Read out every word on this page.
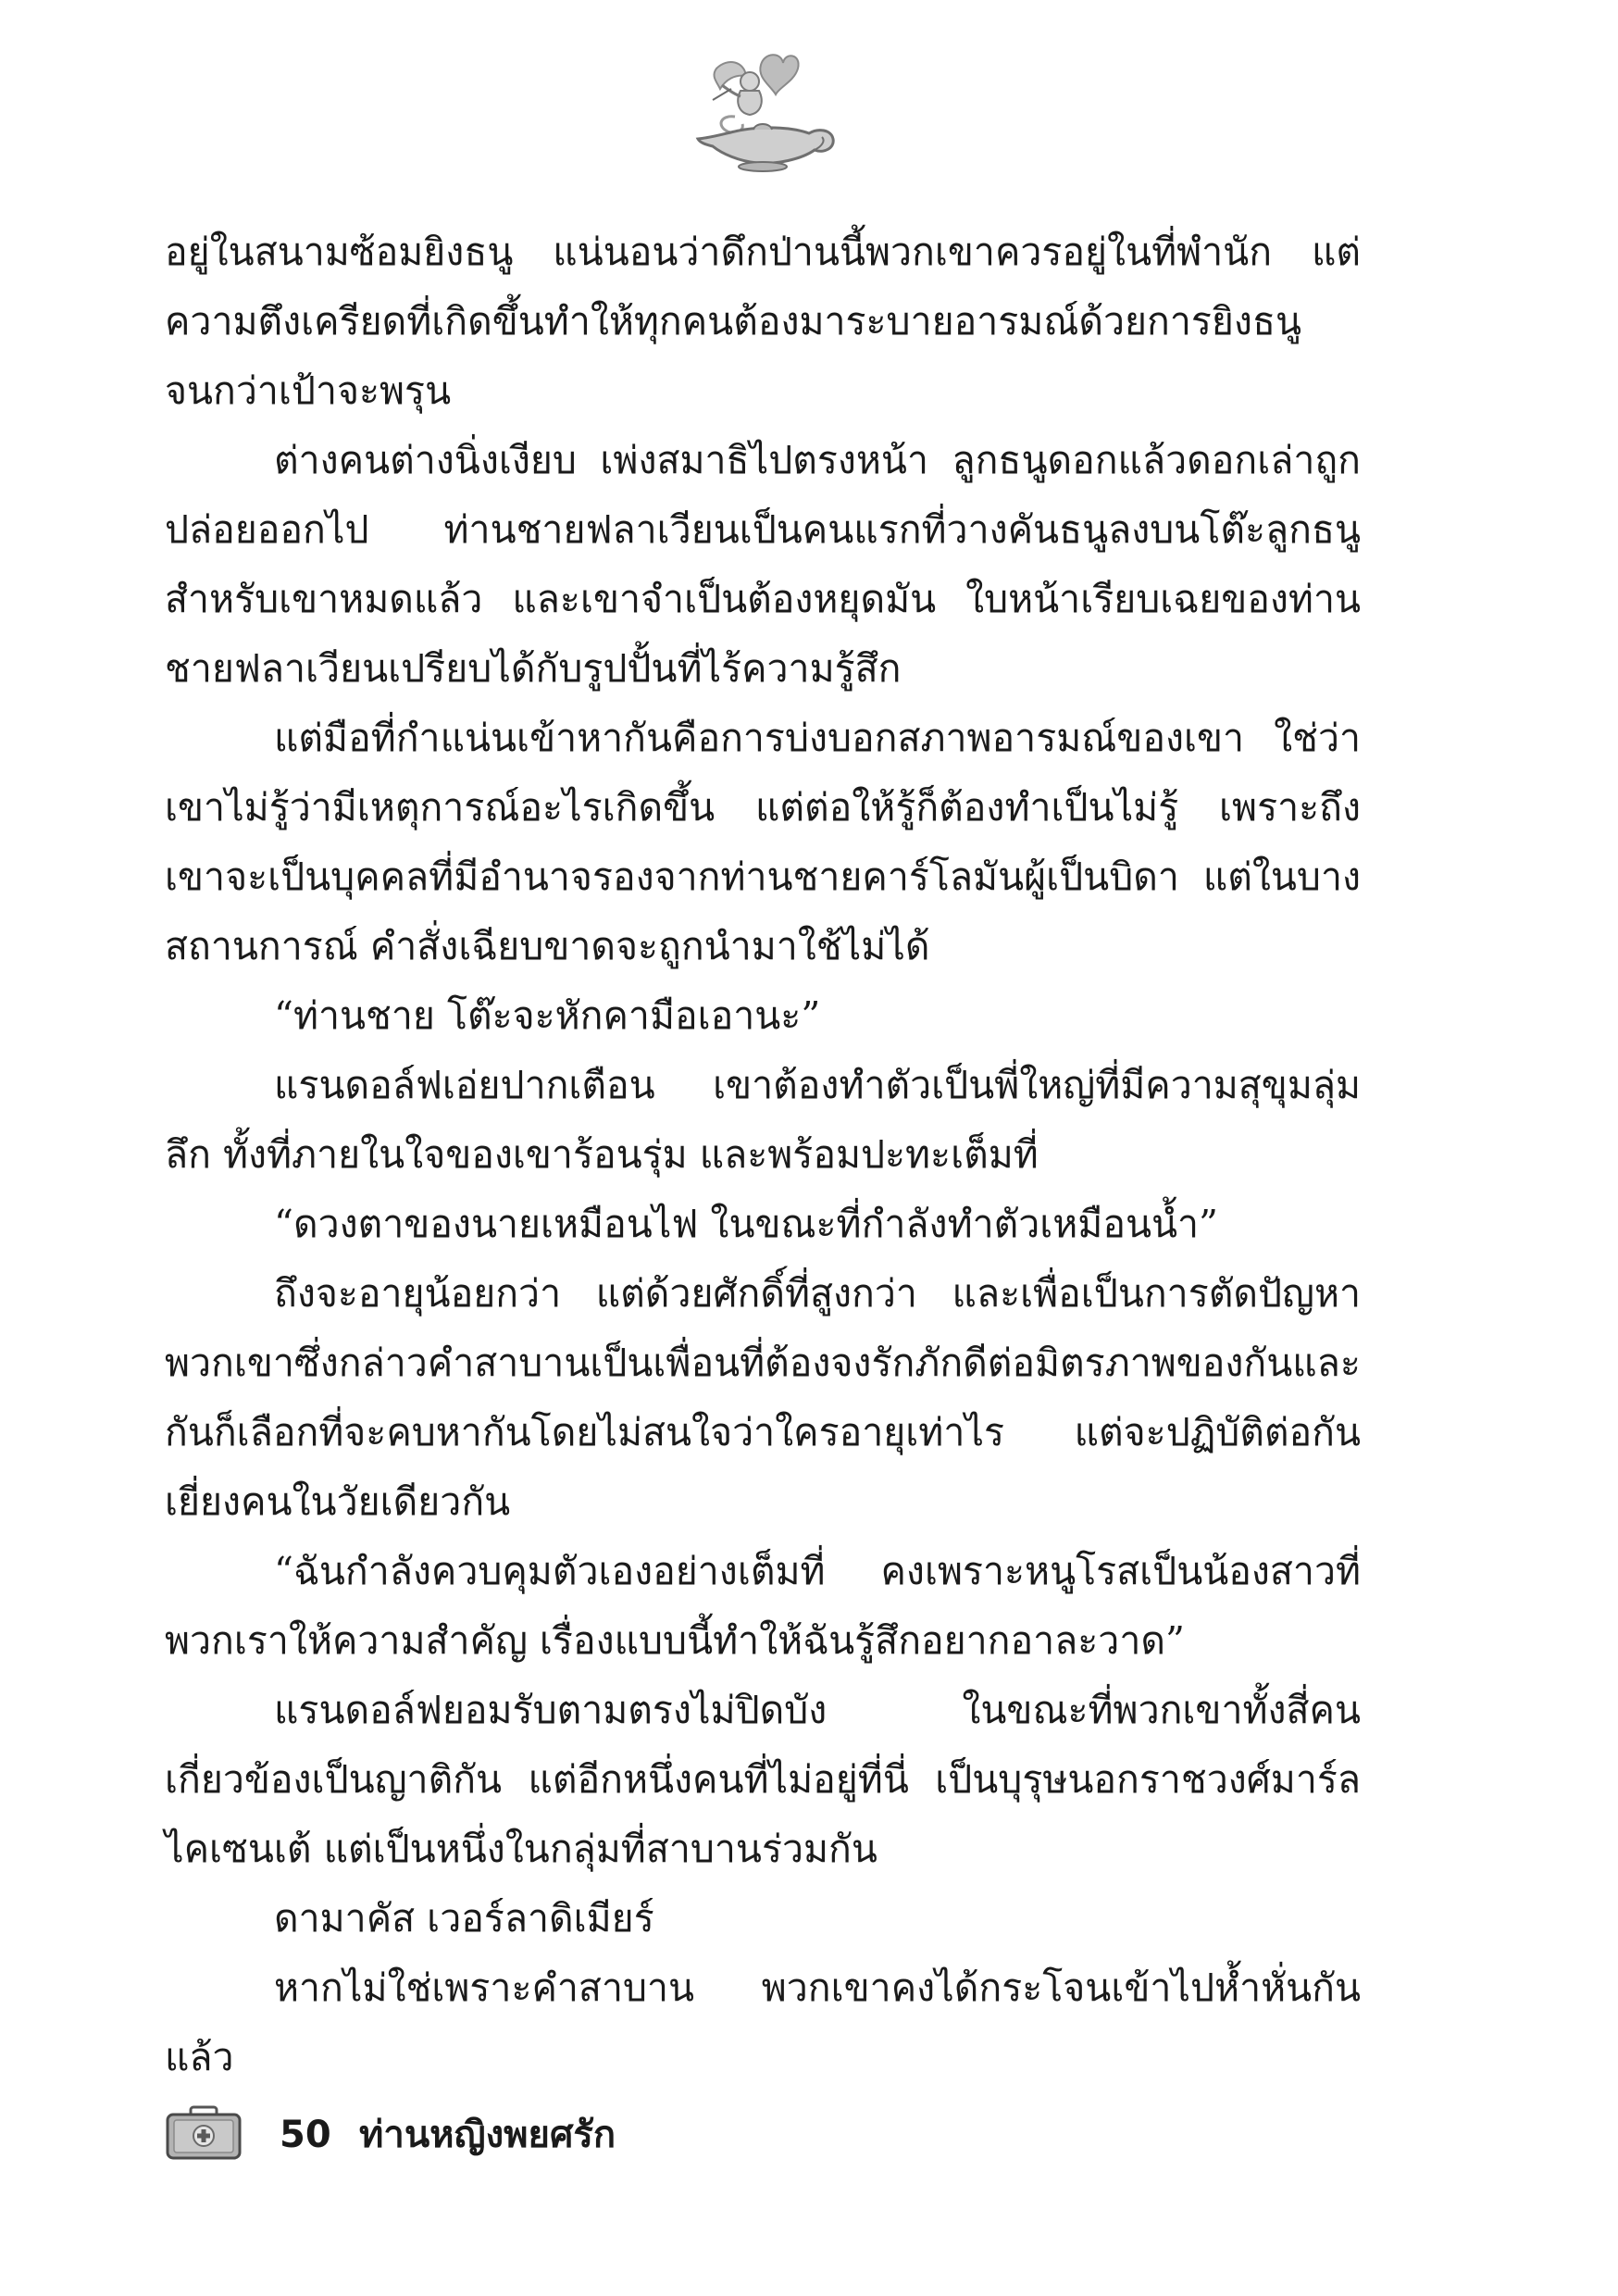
อยู่ในสนามซ้อมยิงธนู แน่นอนว่าดึกป่านนี้พวกเขาควรอยู่ในที่พำนัก แต่ความตึงเครียดที่เกิดขึ้นทำให้ทุกคนต้องมาระบายอารมณ์ด้วยการยิงธนูจนกว่าเป้าจะพรุน

ต่างคนต่างนิ่งเงียบ เพ่งสมาธิไปตรงหน้า ลูกธนูดอกแล้วดอกเล่าถูกปล่อยออกไป ท่านชายฟลาเวียนเป็นคนแรกที่วางคันธนูลงบนโต๊ะลูกธนูสำหรับเขาหมดแล้ว และเขาจำเป็นต้องหยุดมัน ใบหน้าเรียบเฉยของท่านชายฟลาเวียนเปรียบได้กับรูปปั้นที่ไร้ความรู้สึก

แต่มือที่กำแน่นเข้าหากันคือการบ่งบอกสภาพอารมณ์ของเขา ใช่ว่าเขาไม่รู้ว่ามีเหตุการณ์อะไรเกิดขึ้น แต่ต่อให้รู้ก็ต้องทำเป็นไม่รู้ เพราะถึงเขาจะเป็นบุคคลที่มีอำนาจรองจากท่านชายคาร์โลมันผู้เป็นบิดา แต่ในบางสถานการณ์ คำสั่งเฉียบขาดจะถูกนำมาใช้ไม่ได้

“ท่านชาย โต๊ะจะหักคามือเอานะ”

แรนดอล์ฟเอ่ยปากเตือน เขาต้องทำตัวเป็นพี่ใหญ่ที่มีความสุขุมลุ่มลึก ทั้งที่ภายในใจของเขาร้อนรุ่ม และพร้อมปะทะเต็มที่

“ดวงตาของนายเหมือนไฟ ในขณะที่กำลังทำตัวเหมือนน้ำ”

ถึงจะอายุน้อยกว่า แต่ด้วยศักดิ์ที่สูงกว่า และเพื่อเป็นการตัดปัญหาพวกเขาซึ่งกล่าวคำสาบานเป็นเพื่อนที่ต้องจงรักภักดีต่อมิตรภาพของกันและกันก็เลือกที่จะคบหากันโดยไม่สนใจว่าใครอายุเท่าไร แต่จะปฏิบัติต่อกันเยี่ยงคนในวัยเดียวกัน

“ฉันกำลังควบคุมตัวเองอย่างเต็มที่ คงเพราะหนูโรสเป็นน้องสาวที่พวกเราให้ความสำคัญ เรื่องแบบนี้ทำให้ฉันรู้สึกอยากอาละวาด”

แรนดอล์ฟยอมรับตามตรงไม่ปิดบัง ในขณะที่พวกเขาทั้งสี่คนเกี่ยวข้องเป็นญาติกัน แต่อีกหนึ่งคนที่ไม่อยู่ที่นี่ เป็นบุรุษนอกราชวงศ์มาร์ลไคเซนเต้ แต่เป็นหนึ่งในกลุ่มที่สาบานร่วมกัน

ดามาคัส เวอร์ลาดิเมียร์

หากไม่ใช่เพราะคำสาบาน พวกเขาคงได้กระโจนเข้าไปห้ำหั่นกันแล้ว

50 ท่านหญิงพยศรัก
